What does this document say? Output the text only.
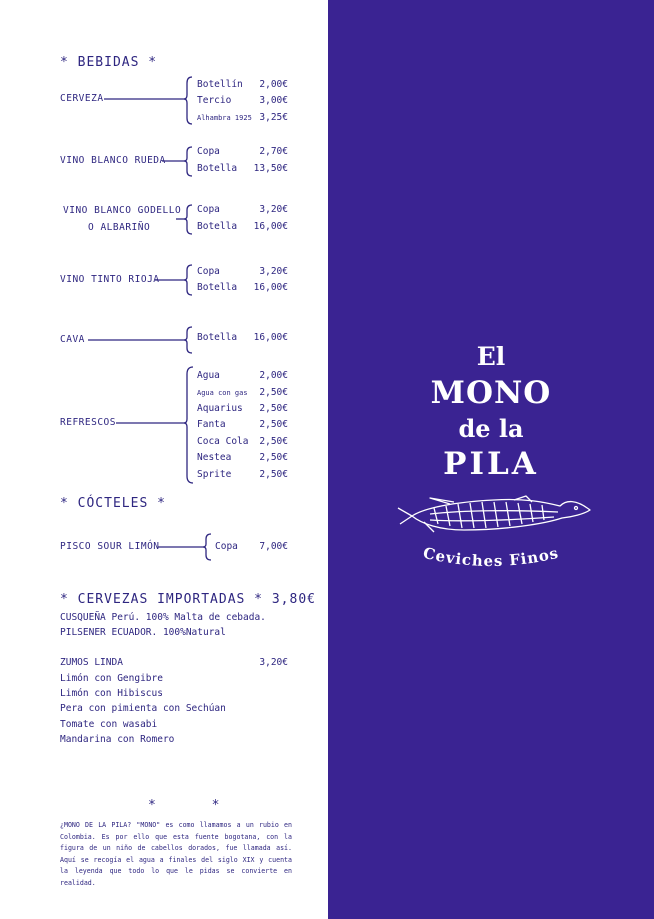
El
MONO
de la
PILA
Ceviches Finos
* BEBIDAS *
CERVEZA
Botellín	2,00€
Tercio	3,00€
Alhambra 1925 3,25€
VINO BLANCO RUEDA
Copa	2,70€
Botella	13,50€
VINO BLANCO GODELLO
O ALBARIÑO
Copa	3,20€
Botella	16,00€
VINO TINTO RIOJA
Copa	3,20€
Botella	16,00€
CAVA	Botella	16,00€
REFRESCOS
Agua	2,00€
Agua con gas	2,50€
Aquarius	2,50€
Fanta	2,50€
Coca Cola	2,50€
Nestea	2,50€
Sprite	2,50€
* CÓCTELES *
PISCO SOUR LIMÓN	Copa	7,00€
* CERVEZAS IMPORTADAS * 3,80€
CUSQUEÑA Perú. 100% Malta de cebada.
PILSENER ECUADOR. 100%Natural
ZUMOS LINDA	3,20€
Limón con Gengibre
Limón con Hibiscus
Pera con pimienta con Sechúan
Tomate con wasabi
Mandarina con Romero
* *
¿MONO DE LA PILA? "MONO" es como llamamos a un rubio en Colombia. Es por ello que esta fuente bogotana, con la figura de un niño de cabellos dorados, fue llamada así. Aquí se recogía el agua a finales del siglo XIX y cuenta la leyenda que todo lo que le pidas se convierte en realidad.
